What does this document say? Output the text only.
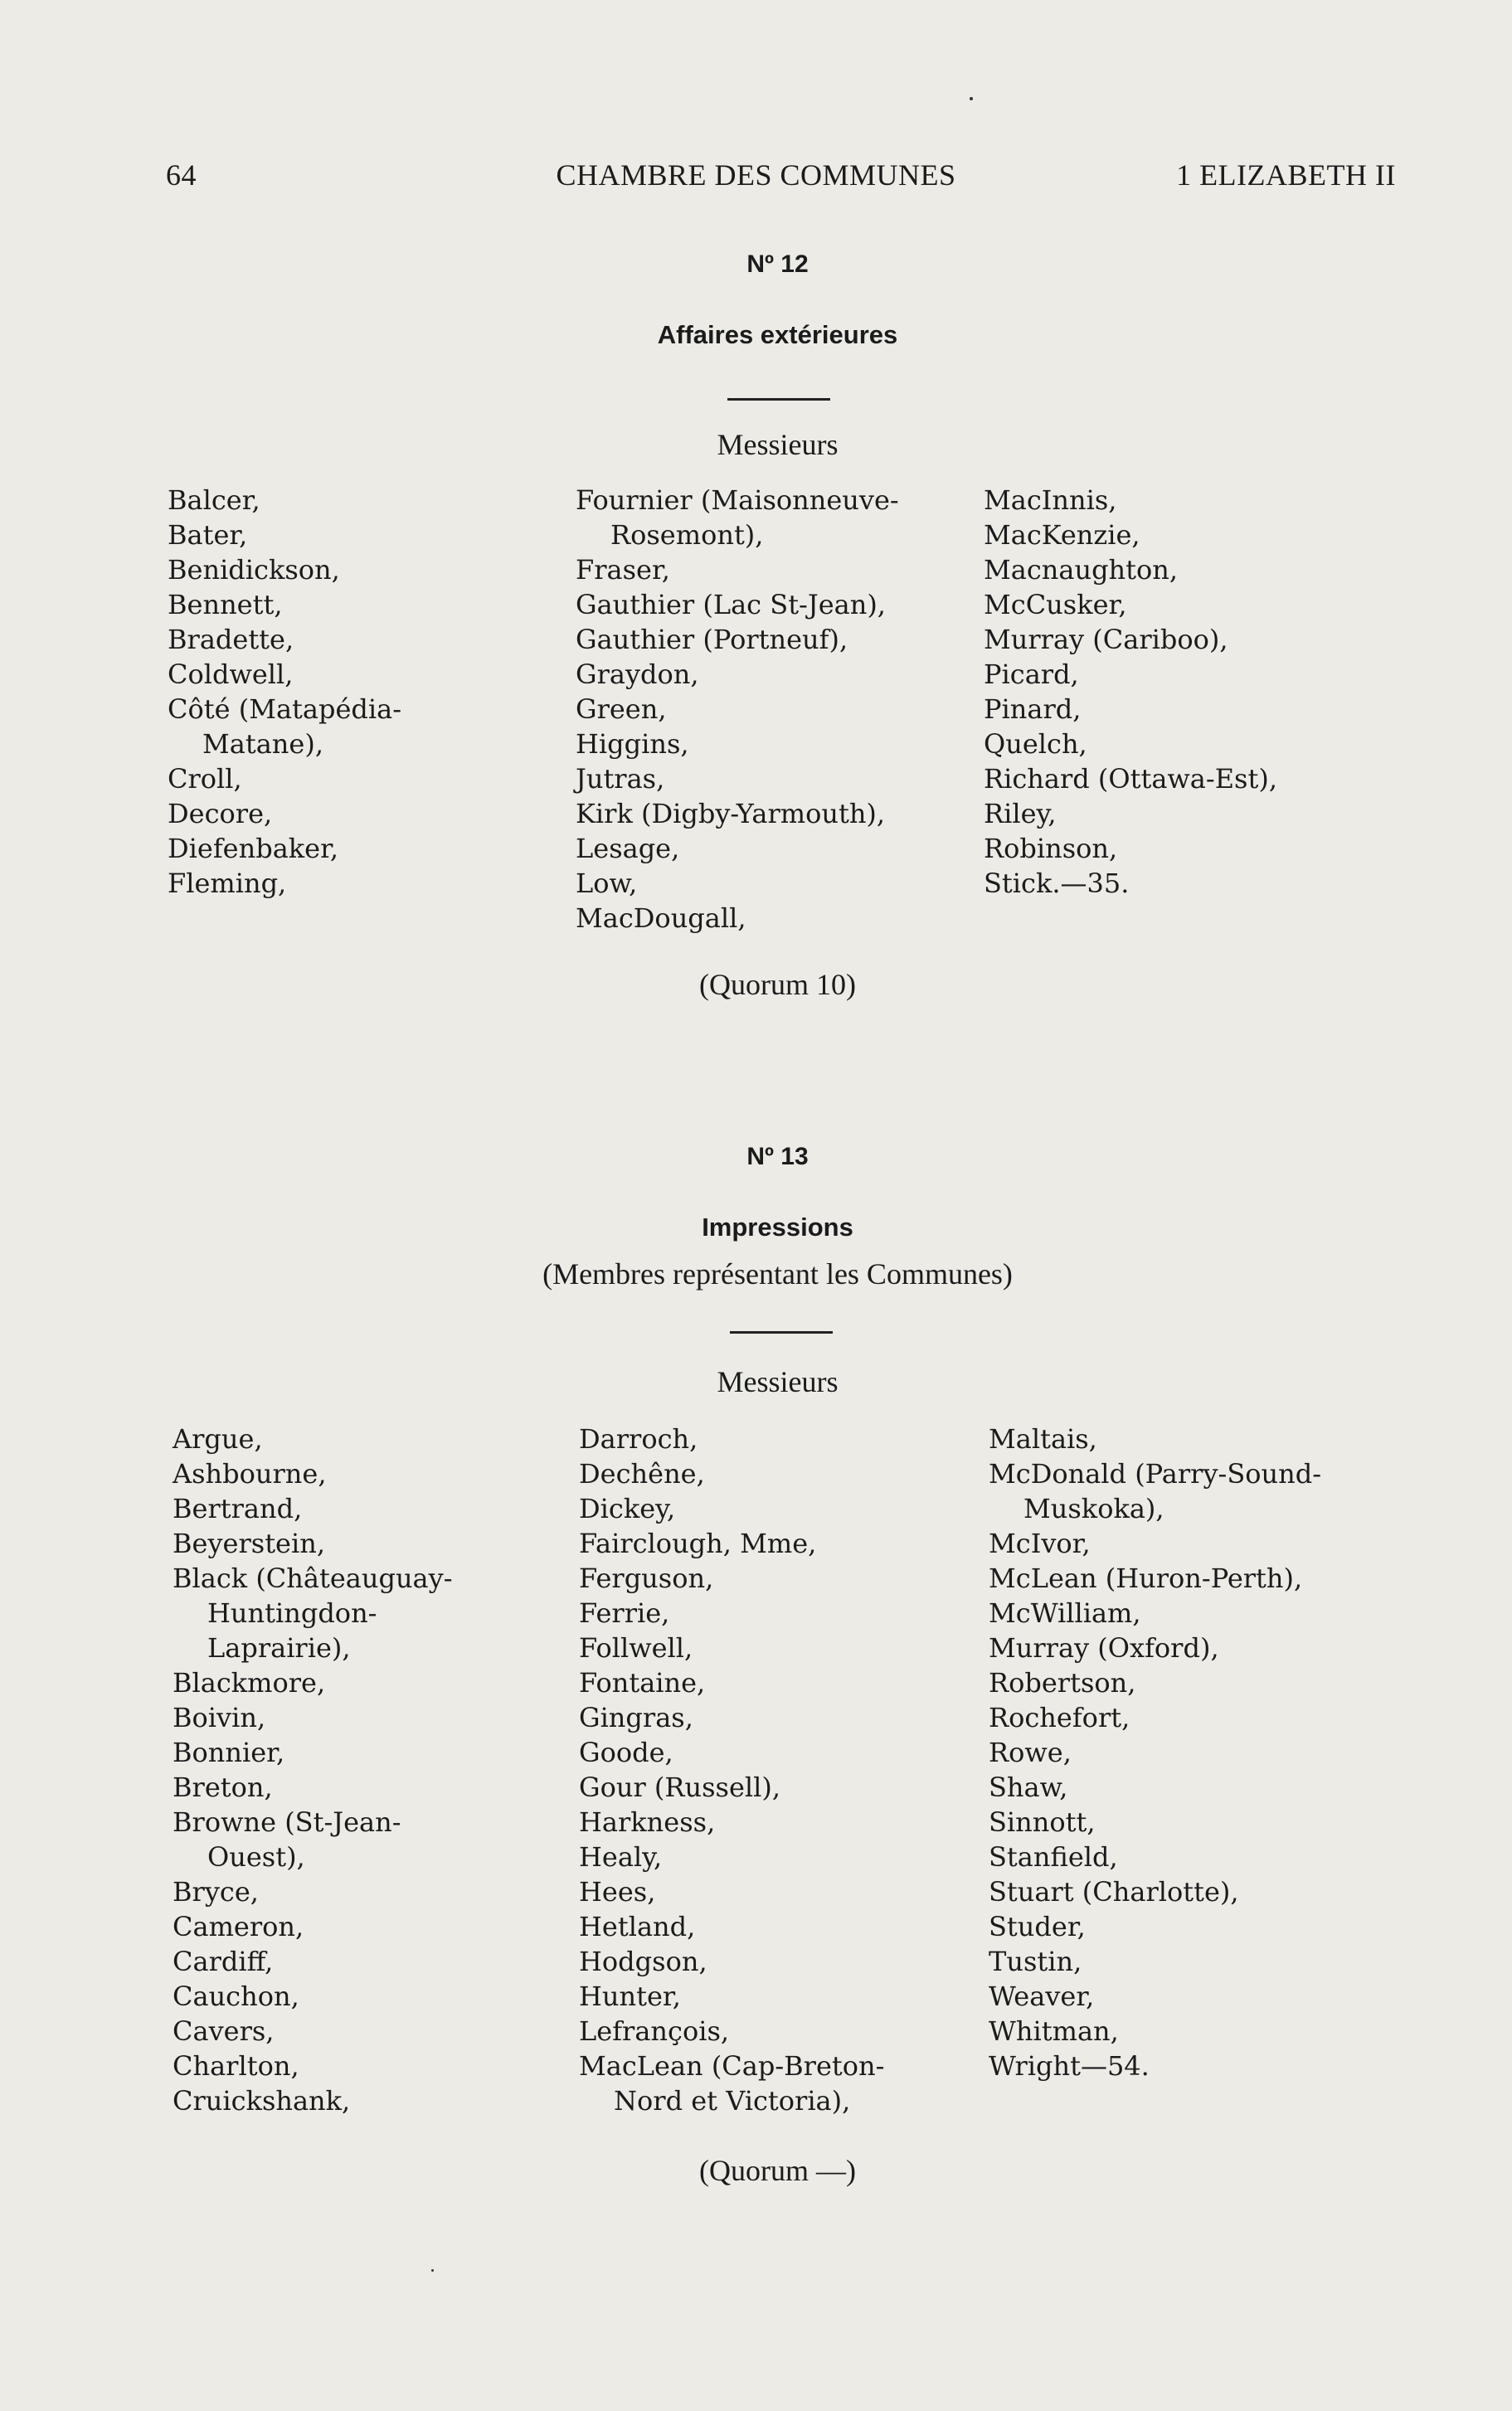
64	CHAMBRE DES COMMUNES	1 ELIZABETH II
Nº 12
Affaires extérieures
Messieurs
Balcer,
Bater,
Benidickson,
Bennett,
Bradette,
Coldwell,
Côté (Matapédia-
Matane),
Croll,
Decore,
Diefenbaker,
Fleming,
Fournier (Maisonneuve-
Rosemont),
Fraser,
Gauthier (Lac St-Jean),
Gauthier (Portneuf),
Graydon,
Green,
Higgins,
Jutras,
Kirk (Digby-Yarmouth),
Lesage,
Low,
MacDougall,
MacInnis,
MacKenzie,
Macnaughton,
McCusker,
Murray (Cariboo),
Picard,
Pinard,
Quelch,
Richard (Ottawa-Est),
Riley,
Robinson,
Stick.—35.
(Quorum 10)
Nº 13
Impressions
(Membres représentant les Communes)
Messieurs
Argue,
Ashbourne,
Bertrand,
Beyerstein,
Black (Châteauguay-
Huntingdon-
Laprairie),
Blackmore,
Boivin,
Bonnier,
Breton,
Browne (St-Jean-
Ouest),
Bryce,
Cameron,
Cardiff,
Cauchon,
Cavers,
Charlton,
Cruickshank,
Darroch,
Dechêne,
Dickey,
Fairclough, Mme,
Ferguson,
Ferrie,
Follwell,
Fontaine,
Gingras,
Goode,
Gour (Russell),
Harkness,
Healy,
Hees,
Hetland,
Hodgson,
Hunter,
Lefrançois,
MacLean (Cap-Breton-
Nord et Victoria),
Maltais,
McDonald (Parry-Sound-
Muskoka),
McIvor,
McLean (Huron-Perth),
McWilliam,
Murray (Oxford),
Robertson,
Rochefort,
Rowe,
Shaw,
Sinnott,
Stanfield,
Stuart (Charlotte),
Studer,
Tustin,
Weaver,
Whitman,
Wright—54.
(Quorum —)
